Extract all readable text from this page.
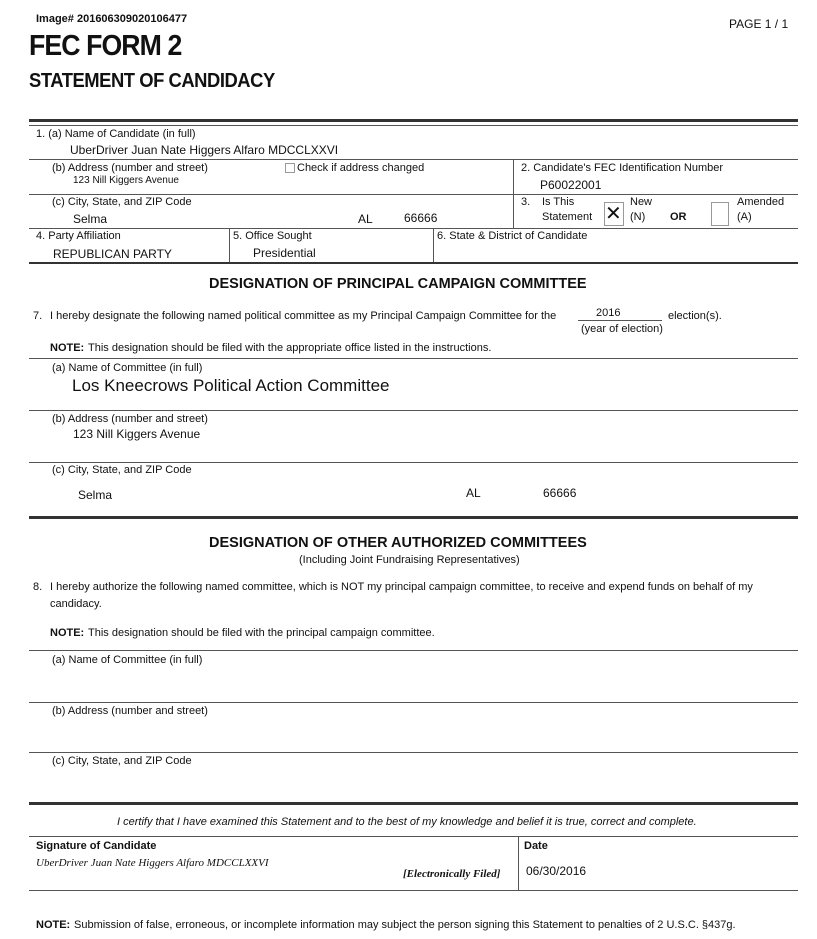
Image# 201606309020106477	PAGE 1 / 1
FEC FORM 2
STATEMENT OF CANDIDACY
1. (a) Name of Candidate (in full)
UberDriver Juan Nate Higgers Alfaro MDCCLXXVI
(b) Address (number and street)	Check if address changed
123 Nill Kiggers Avenue
2. Candidate's FEC Identification Number
P60022001
(c) City, State, and ZIP Code
Selma	AL	66666
3. Is This
Statement ✕
New
(N) OR
Amended
(A)
4. Party Affiliation
REPUBLICAN PARTY
5. Office Sought
Presidential
6. State & District of Candidate
DESIGNATION OF PRINCIPAL CAMPAIGN COMMITTEE
7. I hereby designate the following named political committee as my Principal Campaign Committee for the	2016	election(s).
(year of election)
NOTE: This designation should be filed with the appropriate office listed in the instructions.
(a) Name of Committee (in full)
Los Kneecrows Political Action Committee
(b) Address (number and street)
123 Nill Kiggers Avenue
(c) City, State, and ZIP Code
Selma	AL	66666
DESIGNATION OF OTHER AUTHORIZED COMMITTEES
(Including Joint Fundraising Representatives)
8. I hereby authorize the following named committee, which is NOT my principal campaign committee, to receive and expend funds on behalf of my
candidacy.
NOTE: This designation should be filed with the principal campaign committee.
(a) Name of Committee (in full)
(b) Address (number and street)
(c) City, State, and ZIP Code
I certify that I have examined this Statement and to the best of my knowledge and belief it is true, correct and complete.
Signature of Candidate
UberDriver Juan Nate Higgers Alfaro MDCCLXXVI
[Electronically Filed]
Date
06/30/2016
NOTE: Submission of false, erroneous, or incomplete information may subject the person signing this Statement to penalties of 2 U.S.C. §437g.
